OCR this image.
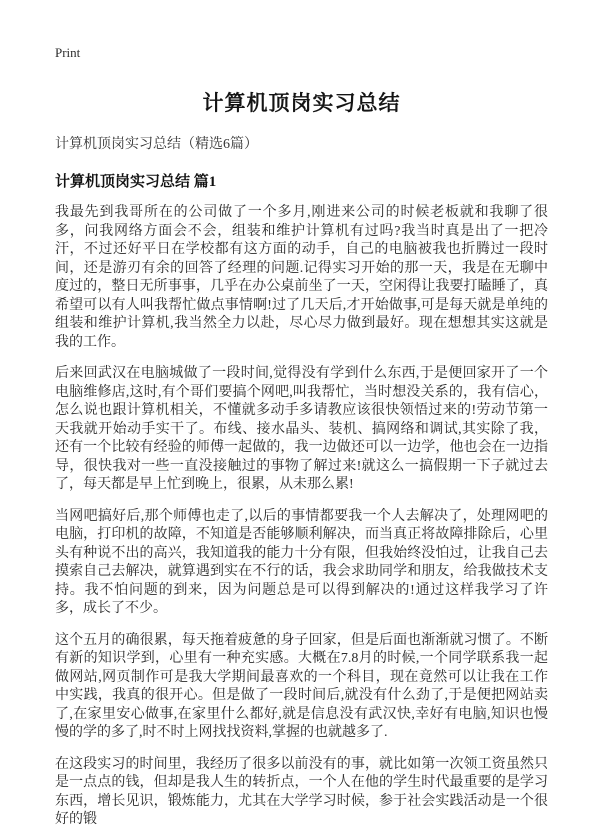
Print
计算机顶岗实习总结
计算机顶岗实习总结（精选6篇）
计算机顶岗实习总结 篇1

我最先到我哥所在的公司做了一个多月,刚进来公司的时候老板就和我聊了很多，问我网络方面会不会，组装和维护计算机有过吗?我当时真是出了一把冷汗，不过还好平日在学校都有这方面的动手，自己的电脑被我也折腾过一段时间，还是游刃有余的回答了经理的问题.记得实习开始的那一天，我是在无聊中度过的，整日无所事事，几乎在办公桌前坐了一天，空闲得让我要打瞌睡了，真希望可以有人叫我帮忙做点事情啊!过了几天后,才开始做事,可是每天就是单纯的组装和维护计算机,我当然全力以赴，尽心尽力做到最好。现在想想其实这就是我的工作。

后来回武汉在电脑城做了一段时间,觉得没有学到什么东西,于是便回家开了一个电脑维修店,这时,有个哥们要搞个网吧,叫我帮忙，当时想没关系的，我有信心，怎么说也跟计算机相关，不懂就多动手多请教应该很快领悟过来的!劳动节第一天我就开始动手实干了。布线、接水晶头、装机、搞网络和调试,其实除了我，还有一个比较有经验的师傅一起做的，我一边做还可以一边学，他也会在一边指导，很快我对一些一直没接触过的事物了解过来!就这么一搞假期一下子就过去了，每天都是早上忙到晚上，很累，从未那么累!

当网吧搞好后,那个师傅也走了,以后的事情都要我一个人去解决了，处理网吧的电脑，打印机的故障，不知道是否能够顺利解决，而当真正将故障排除后，心里头有种说不出的高兴，我知道我的能力十分有限，但我始终没怕过，让我自己去摸索自己去解决，就算遇到实在不行的话，我会求助同学和朋友，给我做技术支持。我不怕问题的到来，因为问题总是可以得到解决的!通过这样我学习了许多，成长了不少。

这个五月的确很累，每天拖着疲惫的身子回家，但是后面也渐渐就习惯了。不断有新的知识学到，心里有一种充实感。大概在7.8月的时候,一个同学联系我一起做网站,网页制作可是我大学期间最喜欢的一个科目，现在竟然可以让我在工作中实践，我真的很开心。但是做了一段时间后,就没有什么劲了,于是便把网站卖了,在家里安心做事,在家里什么都好,就是信息没有武汉快,幸好有电脑,知识也慢慢的学的多了,时不时上网找找资料,掌握的也就越多了.

在这段实习的时间里，我经历了很多以前没有的事，就比如第一次领工资虽然只是一点点的钱，但却是我人生的转折点，一个人在他的学生时代最重要的是学习东西，增长见识，锻炼能力，尤其在大学学习时候，参于社会实践活动是一个很好的锻
